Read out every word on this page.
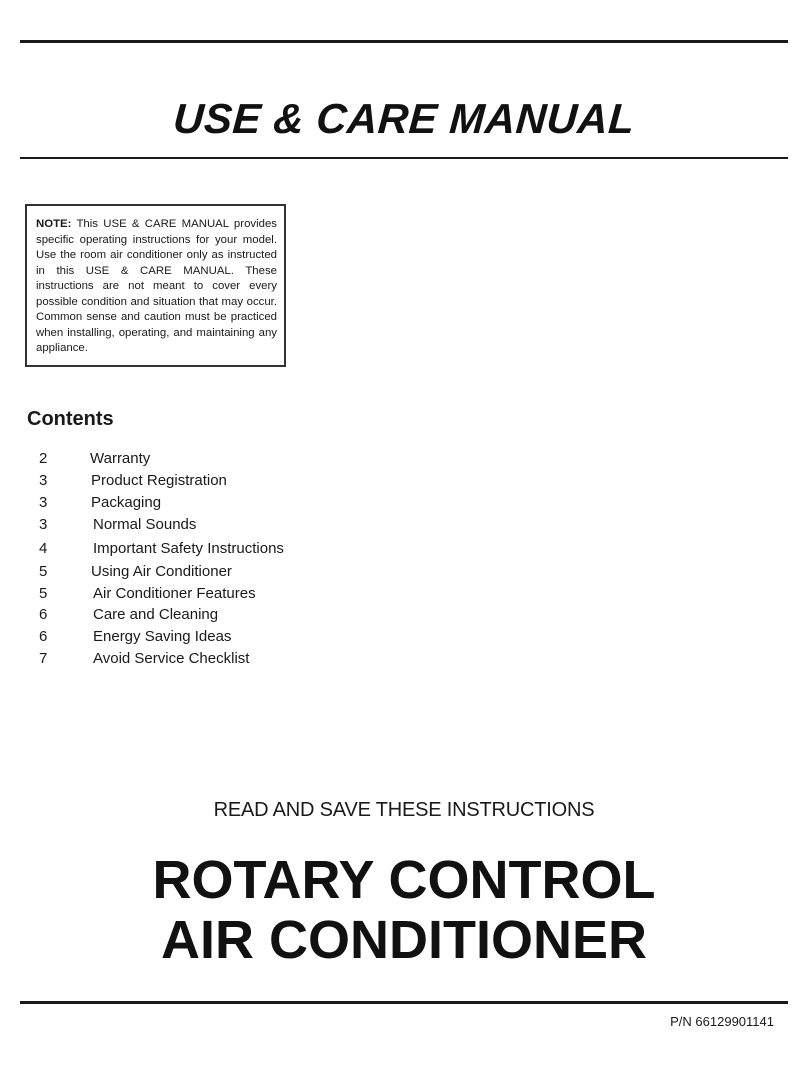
USE & CARE MANUAL
NOTE: This USE & CARE MANUAL provides specific operating instructions for your model. Use the room air conditioner only as instructed in this USE & CARE MANUAL. These instructions are not meant to cover every possible condition and situation that may occur. Common sense and caution must be practiced when installing, operating, and maintaining any appliance.
Contents
2	Warranty
3	Product Registration
3	Packaging
3	Normal Sounds
4	Important Safety Instructions
5	Using Air Conditioner
5	Air Conditioner Features
6	Care and Cleaning
6	Energy Saving Ideas
7	Avoid Service Checklist
READ AND SAVE THESE INSTRUCTIONS
ROTARY CONTROL
AIR CONDITIONER
P/N 66129901141
